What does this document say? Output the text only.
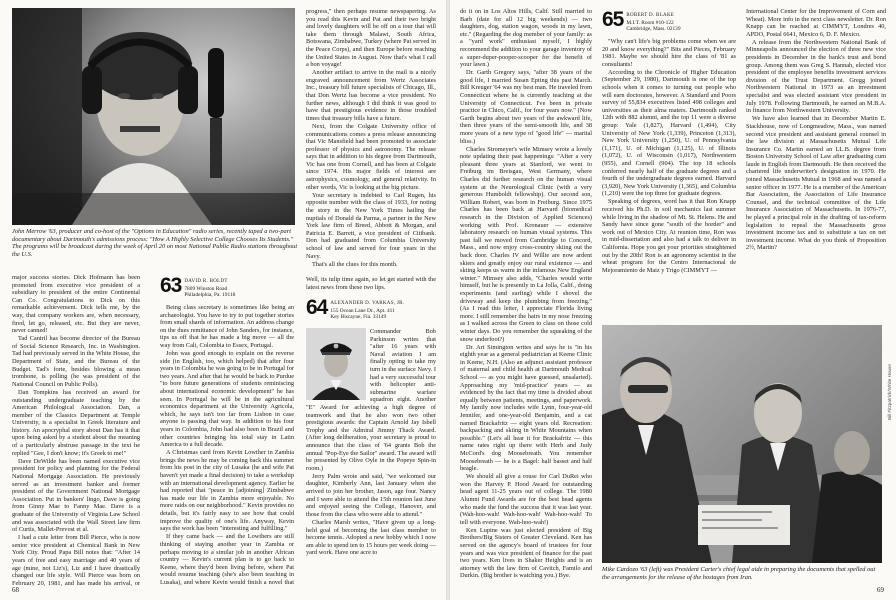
John Merrow '63, producer and co-host of the "Options in Education" radio series, recently taped a two-part documentary about Dartmouth's admissions process: "How A Highly Selective College Chooses Its Students." The programs will be broadcast during the week of April 20 on most National Public Radio stations throughout the U.S.

major success stories. Dick Hofmann has been promoted from executive vice president of a subsidiary to president of the entire Continental Can Co. Congratulations to Dick on this remarkable achievement. Dick tells me, by the way, that company workers are, when necessary, fired, let go, released, etc. But they are never, never canned!

Tad Cantril has become director of the Bureau of Social Science Research, Inc. in Washington. Tad had previously served in the White House, the Department of State, and the Bureau of the Budget. Tad's forte, besides blowing a mean trombone, is polling (he was president of the National Council on Public Polls).

Dan Tompkins has received an award for outstanding undergraduate teaching by the American Philological Association. Dan, a member of the Classics Department at Temple University, is a specialist in Greek literature and history. An apocryphal story about Dan has it that upon being asked by a student about the meaning of a particularly abstruse passage in the text he replied "Gee, I don't know; it's Greek to me!"

Dave DeWilde has been named executive vice president for policy and planning for the Federal National Mortgage Association. He previously served as an investment banker and former president of the Government National Mortgage Association. Put in bankers' lingo, Dave is going from Ginny Mae to Fanny Mae. Dave is a graduate of the University of Virginia Law School and was associated with the Wall Street law firm of Curtis, Mallet-Prevost et al.

I had a cute letter from Bill Pierce, who is now senior vice president at Chemical Bank in New York City. Proud Papa Bill notes that: "After 14 years of free and easy marriage and 40 years of age (mine, not Liz's), Liz and I have drastically changed our life style. Will Pierce was born on February 20, 1981, and has made his arrival, or

progress," then perhaps resume newspapering. As you read this Kevin and Pat and their two bright and lovely daughters will be off on a tour that will take them through Malawi, South Africa, Botswana, Zimbabwe, Turkey (where Pat served in the Peace Corps), and then Europe before reaching the United States in August. Now that's what I call a bon voyage!

Another artifact to arrive in the mail is a nicely engraved announcement from Wertz Associates Inc., treasury bill future specialists of Chicago, Ill., that Don Wertz has become a vice president. No further news, although I did think it was good to have that prestigious evidence in those troubled times that treasury bills have a future.

Next, from the Colgate University office of communications comes a press release announcing that Vic Mansfield had been promoted to associate professor of physics and astronomy. The release says that in addition to his degree from Dartmouth, Vic has one from Cornell, and has been at Colgate since 1974. His major fields of interest are astrophysics, cosmology, and general relativity. In other words, Vic is looking at the big picture.

Your secretary is indebted to Carl Rugen, his opposite number with the class of 1933, for noting the story in the New York Times hailing the nuptials of Donald da Parma, a partner in the New York law firm of Breed, Abbott & Morgan, and Patricia E. Barrett, a vice president of Citibank. Don had graduated from Columbia University school of law and served for four years in the Navy.

That's all the clues for this month.

63 DAVID R. BOLDT
7809 Winston Road
Philadelphia, Pa. 19118

Being class secretary is sometimes like being an archaeologist. You have to try to put together stories from small shards of information. An address change on the dues remittance of John Sanders, for instance, tips us off that he has made a big move — all the way from Cali, Colombia to Essex, Portugal.

John was good enough to explain on the reverse side (in English, too, which helped) that after four years in Colombia he was going to be in Portugal for two years. And after that he would be back to Purdue "to bore future generations of students reminiscing about international economic development" he has seen. In Portugal he will be in the agricultural economics department at the University Agricola, which, he says isn't too far from Lisbon in case anyone is passing that way. In addition to his four years in Colombia, John had also been in Brazil and other countries bringing his total stay in Latin America to a full decade.

A Christmas card from Kevin Lowther in Zambia brings the news he may be coming back this summer from his post in the city of Lusaka (he and wife Pat haven't yet made a final decision) to take a workship with an international development agency. Earlier he had reported that "peace in [adjoining] Zimbabwe has made our life in Zambia more enjoyable. No more raids on our neighborhood." Kevin provides no details, but it's fairly easy to see how that could improve the quality of one's life. Anyway, Kevin says the work has been "interesting and fulfilling."

If they came back — and the Lowthers are still thinking of staying another year in Zambia or perhaps moving to a similar job in another African country — Kevin's current plan is to go back to Keene, where they'd been living before, where Pat would resume teaching (she's also been teaching in Lusaka), and where Kevin would finish a novel that

Well, its tulip time again, so let get started with the latest news from these two lips.

64 ALEXANDER D. VARKAS, JR.
155 Ocean Lane Dr., Apt. 411
Key Biscayne, Fla. 33149

Commander Bob Parkinson writes that "after 16 years with Naval aviation I am finally opting to take my turn in the surface Navy. I had a very successful tour with helicopter anti-submarine warfare squadron eight. Another

"E" Award for achieving a high degree of teamwork and that he also won two other prestigious awards: the Captain Arnold Jay Isbell Trophy and the Admiral Jimmy Thack Award. (After long deliberation, your secretary is proud to announce that the class of '64 grants Bob the annual "Pop-Eye the Sailor" award. The award will be presented by Olive Oyle in the Popeye Spin-in room.)

Jerry Palm wrote and said, "we welcomed our daughter, Kimberly Ann, last January when she arrived to join her brother, Jason, age four. Nancy and I were able to attend the 15th reunion last June and enjoyed seeing the College, Hanover, and those from the class who were able to attend."

Charles Marsh writes, "Have given up a long-held goal of becoming the last class member to become tennis. Adopted a new hobby which I now am able to spend ten to 15 hours per week doing — yard work. Have one acre to

68

do it on in Los Altos Hills, Calif. Still married to Barb (date for all 12 big weekends) — two daughters, dog, station wagon, woods in my lawn, etc." (Regarding the dog member of your family: as a "yard work" enthusiast myself, I highly recommend the addition to your garage inventory of a super-duper-pooper-scooper for the benefit of your lawn.)

Dr. Garth Gregory says, "after 38 years of the good life, I married Susan Epting this past March. Bill Kreuger '64 was my best man. He traveled from Connecticut where he is currently teaching at the University of Connecticut. I've been in private practice in Chico, Calif., for four years now." (Now Garth begins about two years of the awkward life, then three years of the semi-smooth life, and 38 more years of a new type of "good life" — marital bliss.)

Charles Stromeyer's wife Mimsey wrote a lovely note updating their past happenings: "After a very pleasant three years at Stanford, we went to Freiburg im Breisgau, West Germany, where Charles did further research on the human visual system at the Neurological Clinic (with a very generous Humboldt fellowship). Our second son, William Robert, was born in Freiburg. Since 1975 Charles has been back at Harvard (biomedical research in the Division of Applied Sciences) working with Prof. Kronauer — extensive laboratory research on human visual systems. This past fall we moved from Cambridge to Concord, Mass., and now enjoy cross-country skiing out the back door. Charles IV and Willie are now ardent skiers and greatly enjoy our rural existence — and skiing keeps us warm in the infamous New England winter." Mimsey also adds, "Charles would write himself, but he is presently in La Jolla, Calif., doing experiments (and surfing) while I shovel the driveway and keep the plumbing from freezing." (As I read this letter, I appreciate Florida living more. I still remember the hairs in my nose freezing as I walked across the Green to class on those cold winter days. Do you remember the squeaking of the snow underfoot?)

Dr. Art Simington writes and says he is "in his eighth year as a general pediatrician at Keene Clinic in Keene, N.H. (Also an adjunct assistant professor of maternal and child health at Dartmouth Medical School — as you might have guessed, unsalaried). Approaching my 'mid-practice' years — as evidenced by the fact that my time is divided about equally between patients, meetings, and paperwork. My family now includes wife Lynn, four-year-old Jennifer, and one-year-old Benjamin, and a cat named Brackafritz — eight years old. Recreation: backpacking and skiing in White Mountains when possible." (Let's all hear it for Brackafritz — this name rates right up there with Herb and Judy McCord's dog Moosebreath. You remember Moosebreath — he is a Bagel: half basset and half beagle.

We should all give a rouse for Carl DuRei who won the Harvey P. Hood Award for outstanding head agent 11-25 years out of college. The 1980 Alumni Fund Awards are for the best head agents who made the fund the success that it was last year. (Wah-hoo-wah! Wah-hoo-wah! Wah-hoo-wah! To tell with everyone. Wah-hoo-wah!)

Ken Lupine was just elected president of Big Brothers/Big Sisters of Greater Cleveland. Ken has served on the agency's board of trustees for four years and was vice president of finance for the past two years. Ken lives in Shaker Heights and is an attorney with the law firm of Cavitch, Familo and Durkin. (Big brother is watching you.) Bye.

65 ROBERT D. BLAKE
M.I.T. Room #10-122
Cambridge, Mass. 02139

"Why can't life's big problems come when we are 20 and know everything?" Bits and Pieces, February 1981. Maybe we should hire the class of '81 as consultants!

According to the Chronicle of Higher Education (September 29, 1980), Dartmouth is one of the top schools when it comes to turning out people who will earn doctorates, however. A Standard and Poors survey of 55,834 executives listed 498 colleges and universities as their alma maters. Dartmouth ranked 12th with 882 alumni, and the top 11 were a diverse group: Yale (1,827), Harvard (1,494), City University of New York (1,339), Princeton (1,313), New York University (1,250), U. of Pennsylvania (1,171), U. of Michigan (1,125), U. of Illinois (1,072), U. of Wisconsin (1,017), Northwestern (955), and Cornell (904). The top 18 schools conferred nearly half of the graduate degrees and a fourth of the undergraduate degrees earned. Harvard (3,920), New York University (1,365), and Columbia (1,210) were the top three for graduate degrees.

Speaking of degrees, word has it that Ron Knapp received his Ph.D. in soil mechanics last summer while living in the shadow of Mt. St. Helens. He and Sandy have since gone "south of the border" and work out of Mexico City. At reunion time, Ron was in mid-dissertation and also had a talk to deliver in California. Hope you get your priorities straightened out by the 20th! Ron is an agronomy scientist in the wheat program for the Centro Internacional de Mejoramiento de Maiz y Trigo (CIMMYT —

International Center for the Improvement of Corn and Wheat). More info in the next class newsletter. Dr. Ron Knapp can be reached at CIMMYT, Londres 40, APDO, Postal 6641, Mexico 6, D. F. Mexico.

A release from the Northwestern National Bank of Minneapolis announced the election of three new vice presidents in December in the bank's trust and bond group. Among them was Greg S. Hannah, elected vice president of the employee benefits investment services division of the Trust Department. Gregg joined Northwestern National in 1973 as an investment specialist and was elected assistant vice president in July 1978. Following Dartmouth, he earned an M.B.A. in finance from Northwestern University.

We have also learned that in December Martin E. Stackhouse, now of Longmeadow, Mass., was named second vice president and assistant general counsel in the law division at Massachusetts Mutual Life Insurance Co. Martin earned an LL.B. degree from Boston University School of Law after graduating cum laude in English from Dartmouth. He then received the chartered life underwriter's designation in 1970. He joined Massachusetts Mutual in 1968 and was named a senior officer in 1977. He is a member of the American Bar Association, the Association of Life Insurance Counsel, and the technical committee of the Life Insurance Association of Massachusetts. In 1976-77, he played a principal role in the drafting of tax-reform legislation to repeal the Massachusetts gross investment income tax and to substitute a tax on net investment income. What do you think of Proposition 2½, Martin?

Bill Fitzpatrick/White House
Mike Cardozo '63 (left) was President Carter's chief legal aide in preparing the documents that spelled out the arrangements for the release of the hostages from Iran.
69
